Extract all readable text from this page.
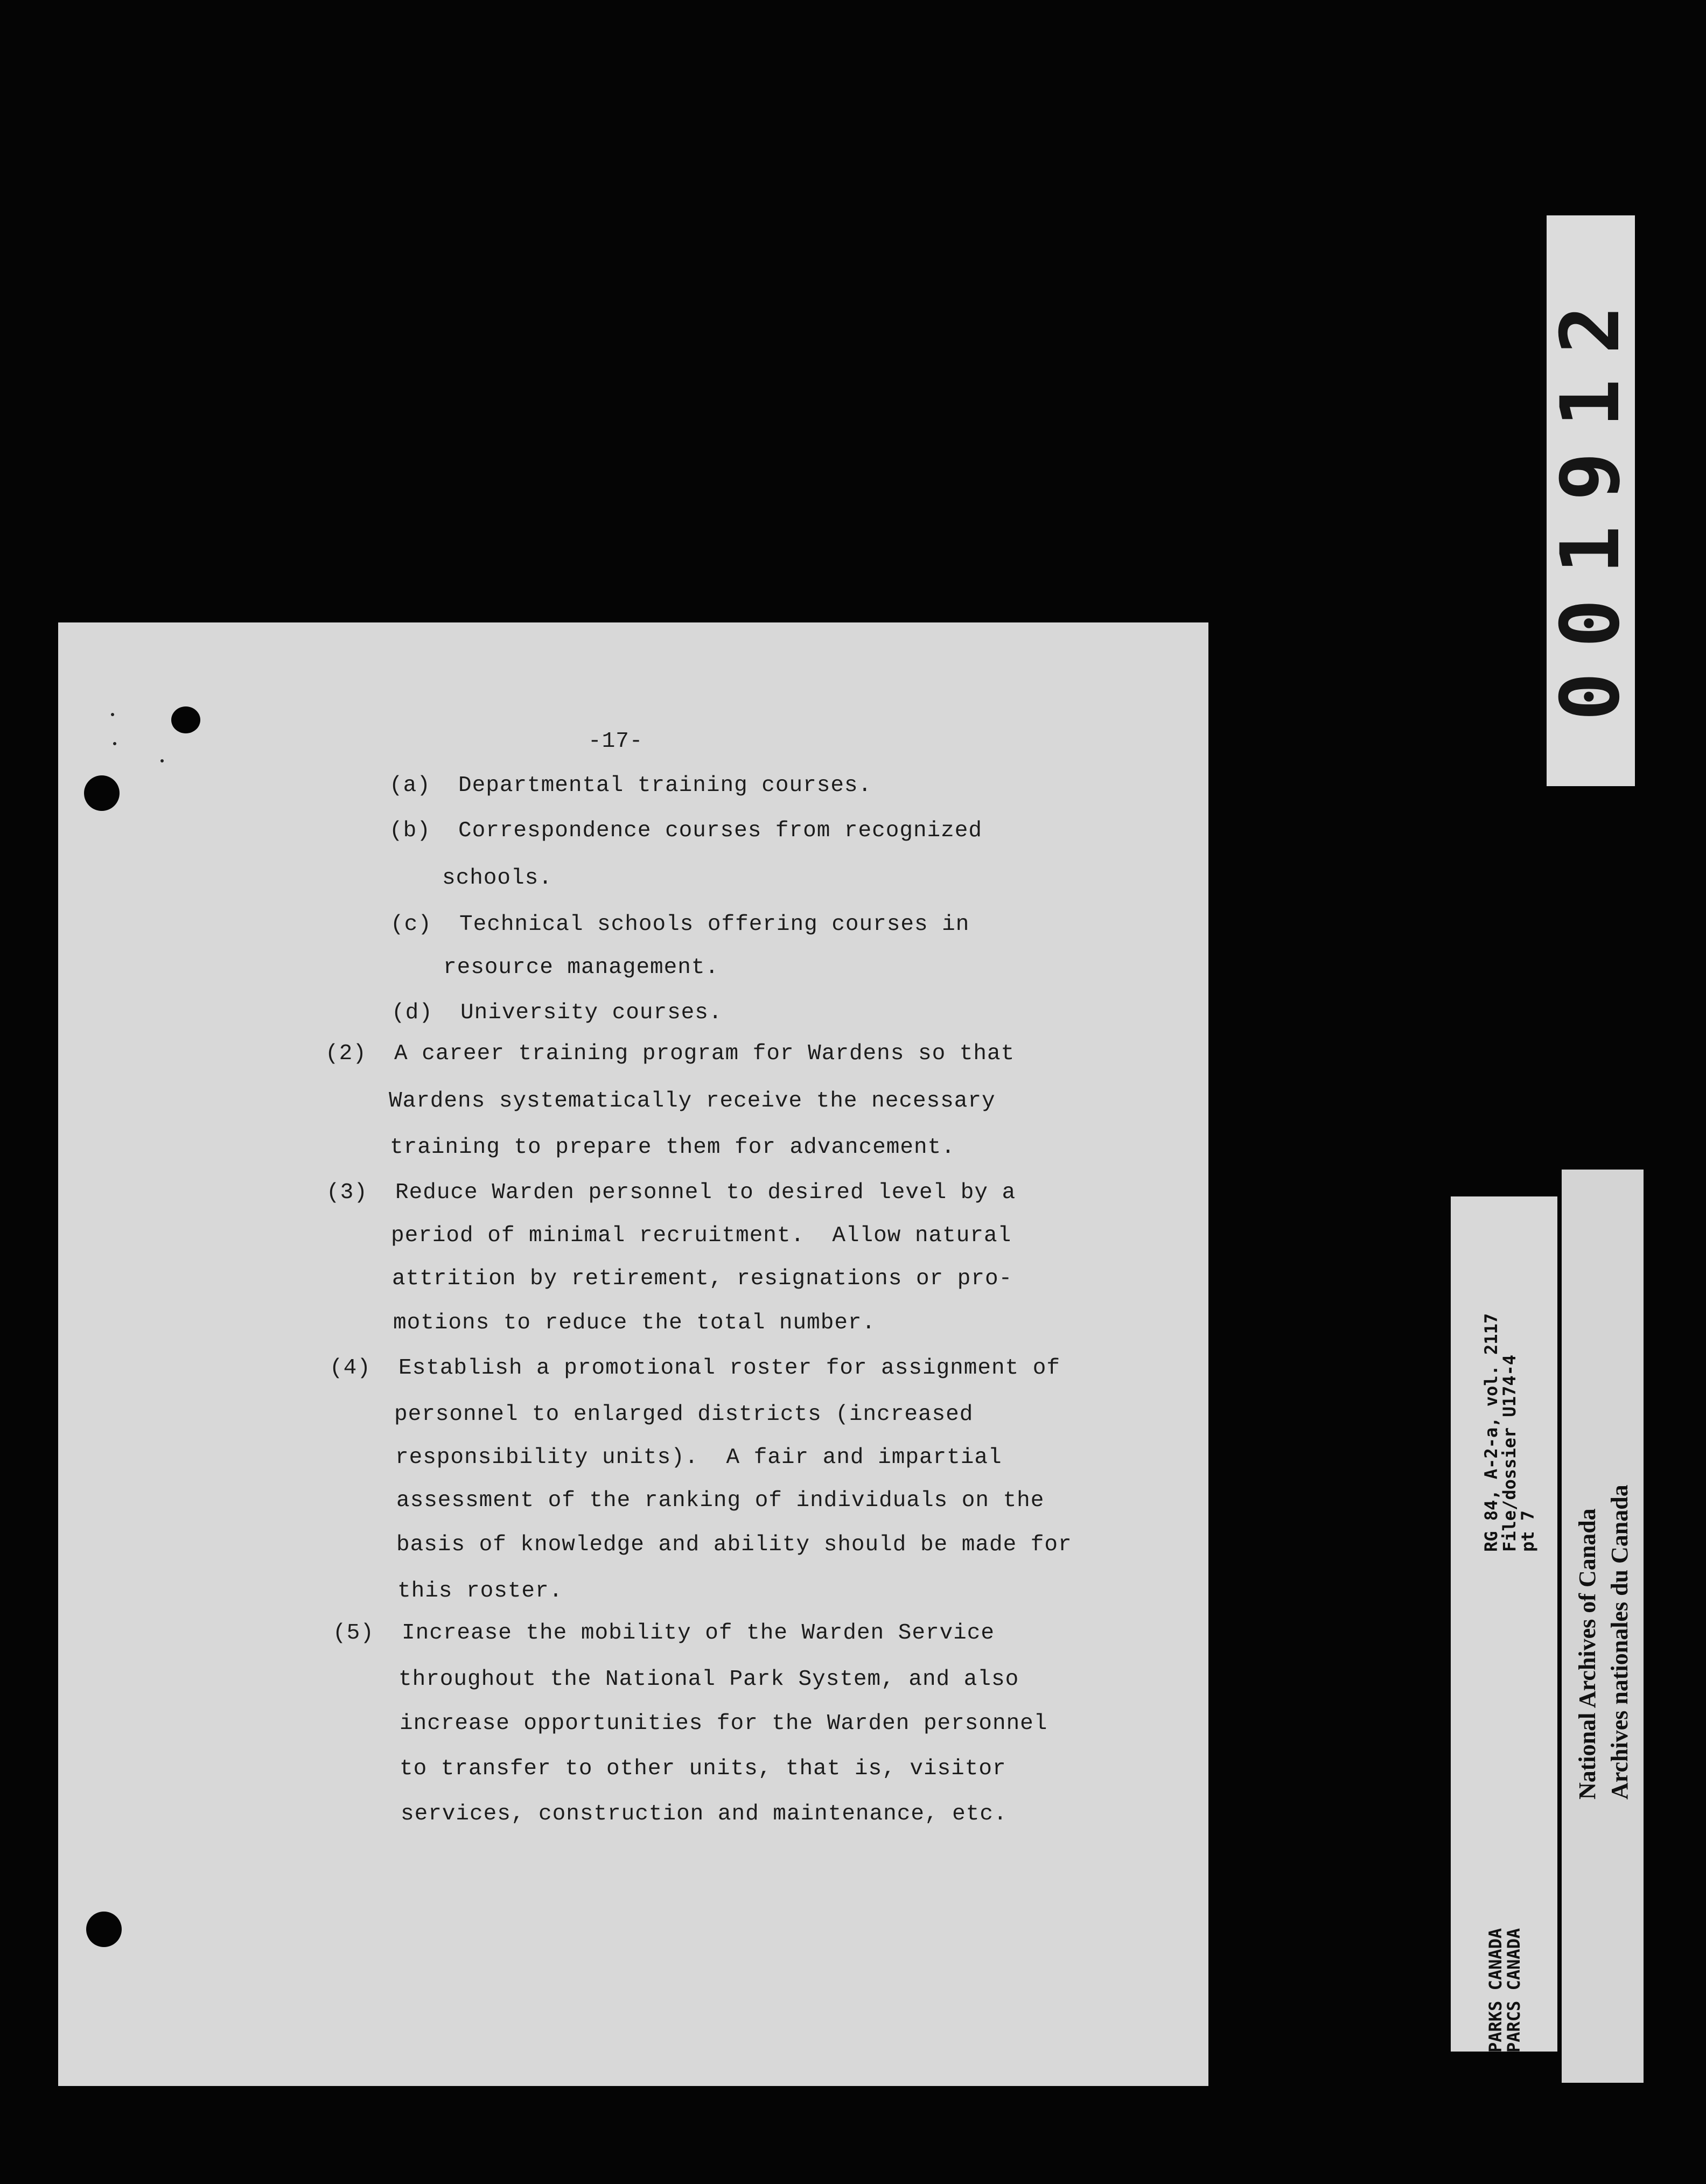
-17-
(a)  Departmental training courses.
(b)  Correspondence courses from recognized
schools.
(c)  Technical schools offering courses in
resource management.
(d)  University courses.
(2)  A career training program for Wardens so that
Wardens systematically receive the necessary
training to prepare them for advancement.
(3)  Reduce Warden personnel to desired level by a
period of minimal recruitment.  Allow natural
attrition by retirement, resignations or pro-
motions to reduce the total number.
(4)  Establish a promotional roster for assignment of
personnel to enlarged districts (increased
responsibility units).  A fair and impartial
assessment of the ranking of individuals on the
basis of knowledge and ability should be made for
this roster.
(5)  Increase the mobility of the Warden Service
throughout the National Park System, and also
increase opportunities for the Warden personnel
to transfer to other units, that is, visitor
services, construction and maintenance, etc.
001912
RG 84, A-2-a, vol. 2117
File/dossier U174-4
pt 7
PARKS CANADA
PARCS CANADA
National Archives of Canada Archives nationales du Canada
